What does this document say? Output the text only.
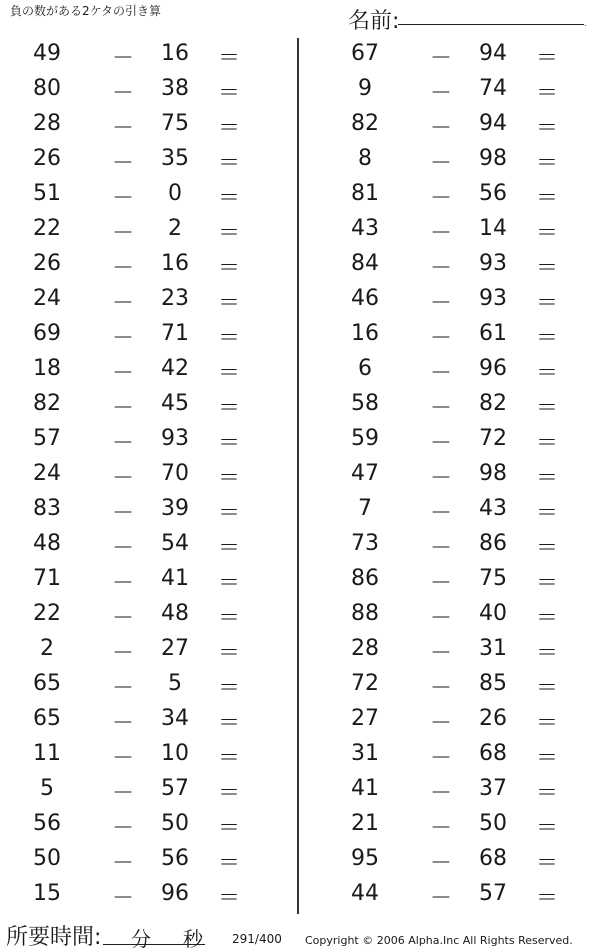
負の数がある2ケタの引き算	名前:	.
49	－	16	＝
80	－	38	＝
28	－	75	＝
26	－	35	＝
51	－	0	＝
22	－	2	＝
26	－	16	＝
24	－	23	＝
69	－	71	＝
18	－	42	＝
82	－	45	＝
57	－	93	＝
24	－	70	＝
83	－	39	＝
48	－	54	＝
71	－	41	＝
22	－	48	＝
2	－	27	＝
65	－	5	＝
65	－	34	＝
11	－	10	＝
5	－	57	＝
56	－	50	＝
50	－	56	＝
15	－	96	＝
67	－	94	＝
9	－	74	＝
82	－	94	＝
8	－	98	＝
81	－	56	＝
43	－	14	＝
84	－	93	＝
46	－	93	＝
16	－	61	＝
6	－	96	＝
58	－	82	＝
59	－	72	＝
47	－	98	＝
7	－	43	＝
73	－	86	＝
86	－	75	＝
88	－	40	＝
28	－	31	＝
72	－	85	＝
27	－	26	＝
31	－	68	＝
41	－	37	＝
21	－	50	＝
95	－	68	＝
44	－	57	＝
所要時間: 分 秒 291/400 Copyright © 2006 Alpha.Inc All Rights Reserved.
